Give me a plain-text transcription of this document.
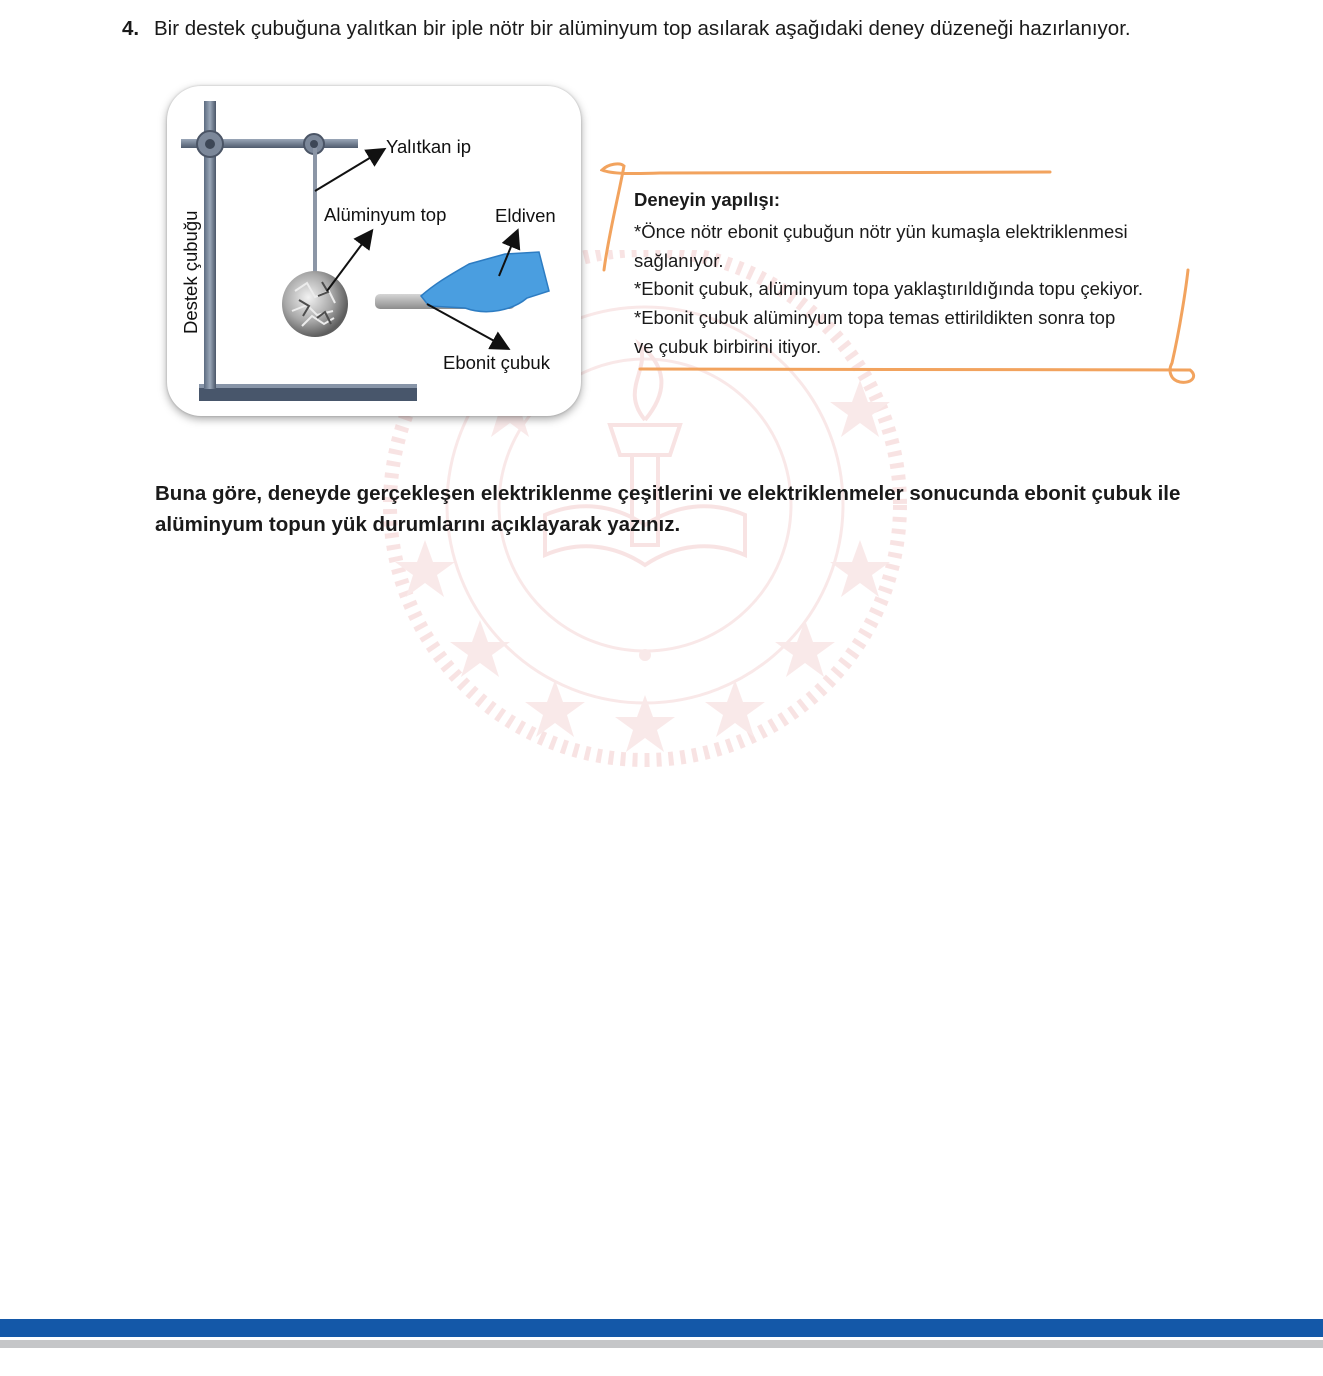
4. Bir destek çubuğuna yalıtkan bir iple nötr bir alüminyum top asılarak aşağıdaki deney düzeneği hazırlanıyor.
Destek çubuğu
Yalıtkan ip
Alüminyum top	Eldiven
Ebonit çubuk
Deneyin yapılışı:
*Önce nötr ebonit çubuğun nötr yün kumaşla elektriklenmesi
sağlanıyor.
*Ebonit çubuk, alüminyum topa yaklaştırıldığında topu çekiyor.
*Ebonit çubuk alüminyum topa temas ettirildikten sonra top
ve çubuk birbirini itiyor.
Buna göre, deneyde gerçekleşen elektriklenme çeşitlerini ve elektriklenmeler sonucunda ebonit çubuk ile alüminyum topun yük durumlarını açıklayarak yazınız.
